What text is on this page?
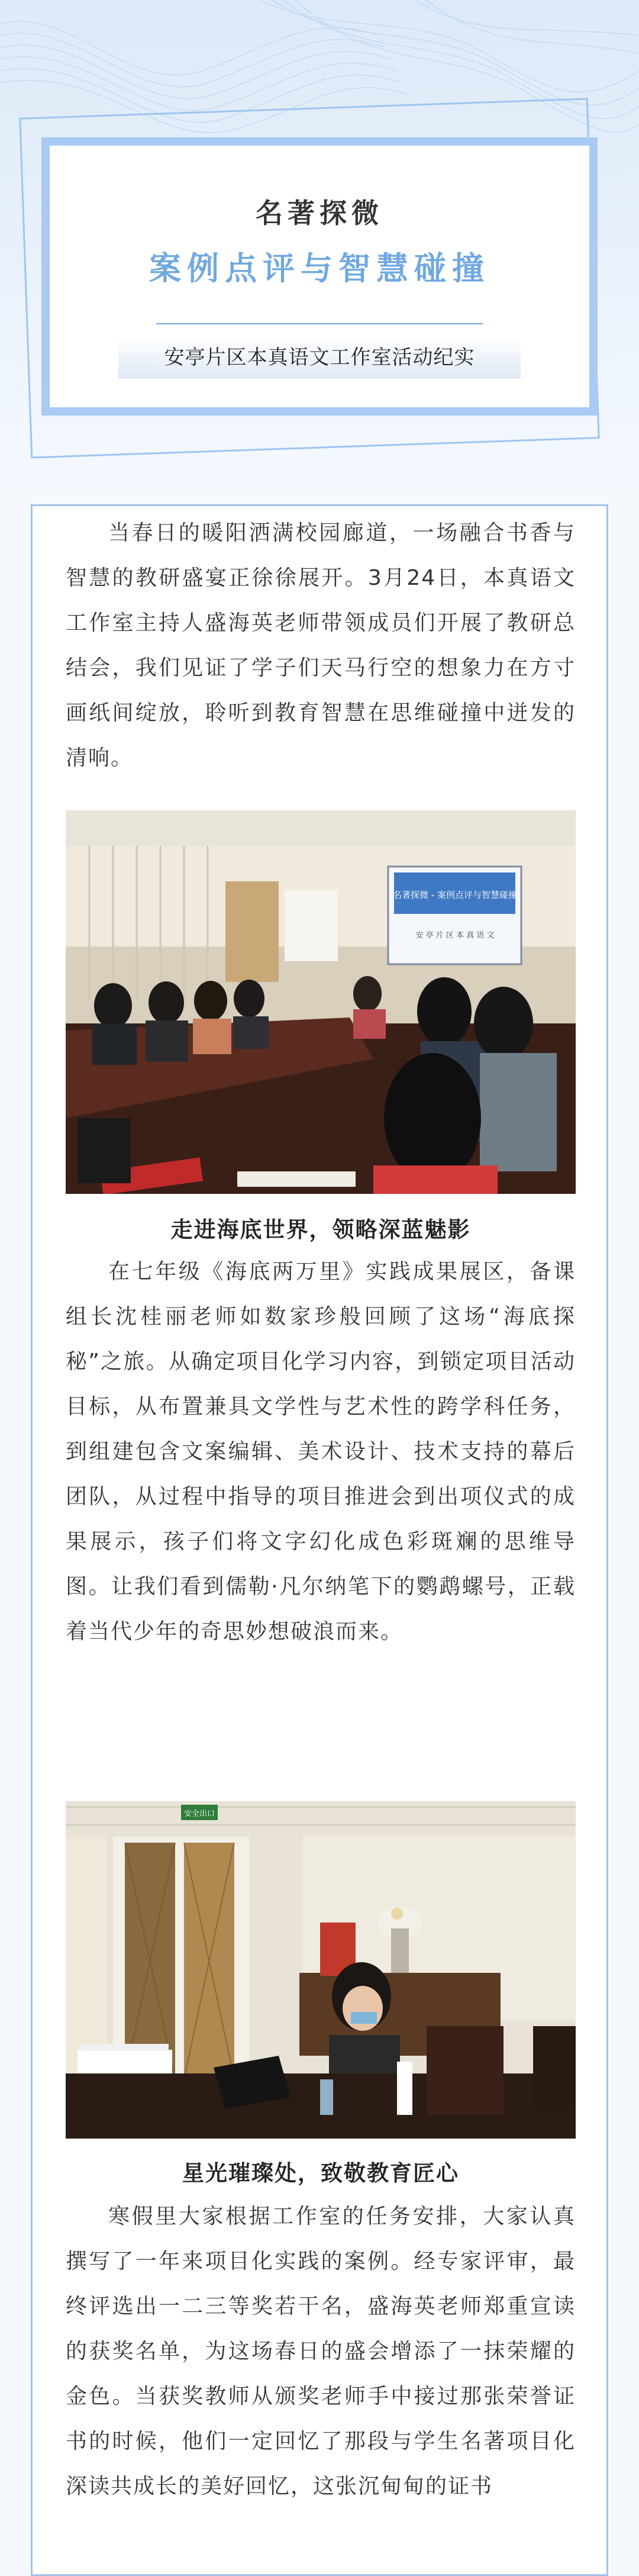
名著探微
案例点评与智慧碰撞
安亭片区本真语文工作室活动纪实

当春日的暖阳洒满校园廊道，一场融合书香与智慧的教研盛宴正徐徐展开。3月24日，本真语文工作室主持人盛海英老师带领成员们开展了教研总结会，我们见证了学子们天马行空的想象力在方寸画纸间绽放，聆听到教育智慧在思维碰撞中迸发的清响。

名著探微 - 案例点评与智慧碰撞
安 亭 片 区 本 真 语 文
走进海底世界，领略深蓝魅影

在七年级《海底两万里》实践成果展区，备课组长沈桂丽老师如数家珍般回顾了这场“海底探秘”之旅。从确定项目化学习内容，到锁定项目活动目标，从布置兼具文学性与艺术性的跨学科任务，到组建包含文案编辑、美术设计、技术支持的幕后团队，从过程中指导的项目推进会到出项仪式的成果展示，孩子们将文字幻化成色彩斑斓的思维导图。让我们看到儒勒·凡尔纳笔下的鹦鹉螺号，正载着当代少年的奇思妙想破浪而来。

安全出口
星光璀璨处，致敬教育匠心

寒假里大家根据工作室的任务安排，大家认真撰写了一年来项目化实践的案例。经专家评审，最终评选出一二三等奖若干名，盛海英老师郑重宣读的获奖名单，为这场春日的盛会增添了一抹荣耀的金色。当获奖教师从颁奖老师手中接过那张荣誉证书的时候，他们一定回忆了那段与学生名著项目化深读共成长的美好回忆，这张沉甸甸的证书
